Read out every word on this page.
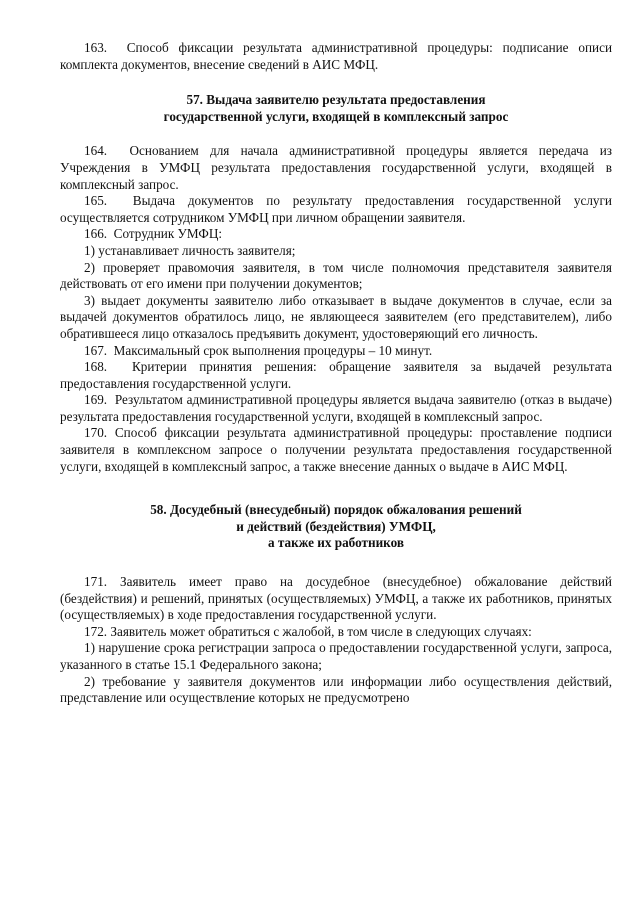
163.  Способ фиксации результата административной процедуры: подписание описи комплекта документов, внесение сведений в АИС МФЦ.

57. Выдача заявителю результата предоставления

государственной услуги, входящей в комплексный запрос

164.  Основанием для начала административной процедуры является передача из Учреждения в УМФЦ результата предоставления государственной услуги, входящей в комплексный запрос.

165.  Выдача документов по результату предоставления государственной услуги осуществляется сотрудником УМФЦ при личном обращении заявителя.

166.  Сотрудник УМФЦ:

1) устанавливает личность заявителя;

2) проверяет правомочия заявителя, в том числе полномочия представителя заявителя действовать от его имени при получении документов;

3) выдает документы заявителю либо отказывает в выдаче документов в случае, если за выдачей документов обратилось лицо, не являющееся заявителем (его представителем), либо обратившееся лицо отказалось предъявить документ, удостоверяющий его личность.

167.  Максимальный срок выполнения процедуры – 10 минут.

168.  Критерии принятия решения: обращение заявителя за выдачей результата предоставления государственной услуги.

169.  Результатом административной процедуры является выдача заявителю (отказ в выдаче) результата предоставления государственной услуги, входящей в комплексный запрос.

170. Способ фиксации результата административной процедуры: проставление подписи заявителя в комплексном запросе о получении результата предоставления государственной услуги, входящей в комплексный запрос, а также внесение данных о выдаче в АИС МФЦ.

58. Досудебный (внесудебный) порядок обжалования решений

и действий (бездействия) УМФЦ,

а также их работников

171. Заявитель имеет право на досудебное (внесудебное) обжалование действий (бездействия) и решений, принятых (осуществляемых) УМФЦ, а также их работников, принятых (осуществляемых) в ходе предоставления государственной услуги.

172. Заявитель может обратиться с жалобой, в том числе в следующих случаях:

1) нарушение срока регистрации запроса о предоставлении государственной услуги, запроса, указанного в статье 15.1 Федерального закона;

2) требование у заявителя документов или информации либо осуществления действий, представление или осуществление которых не предусмотрено
